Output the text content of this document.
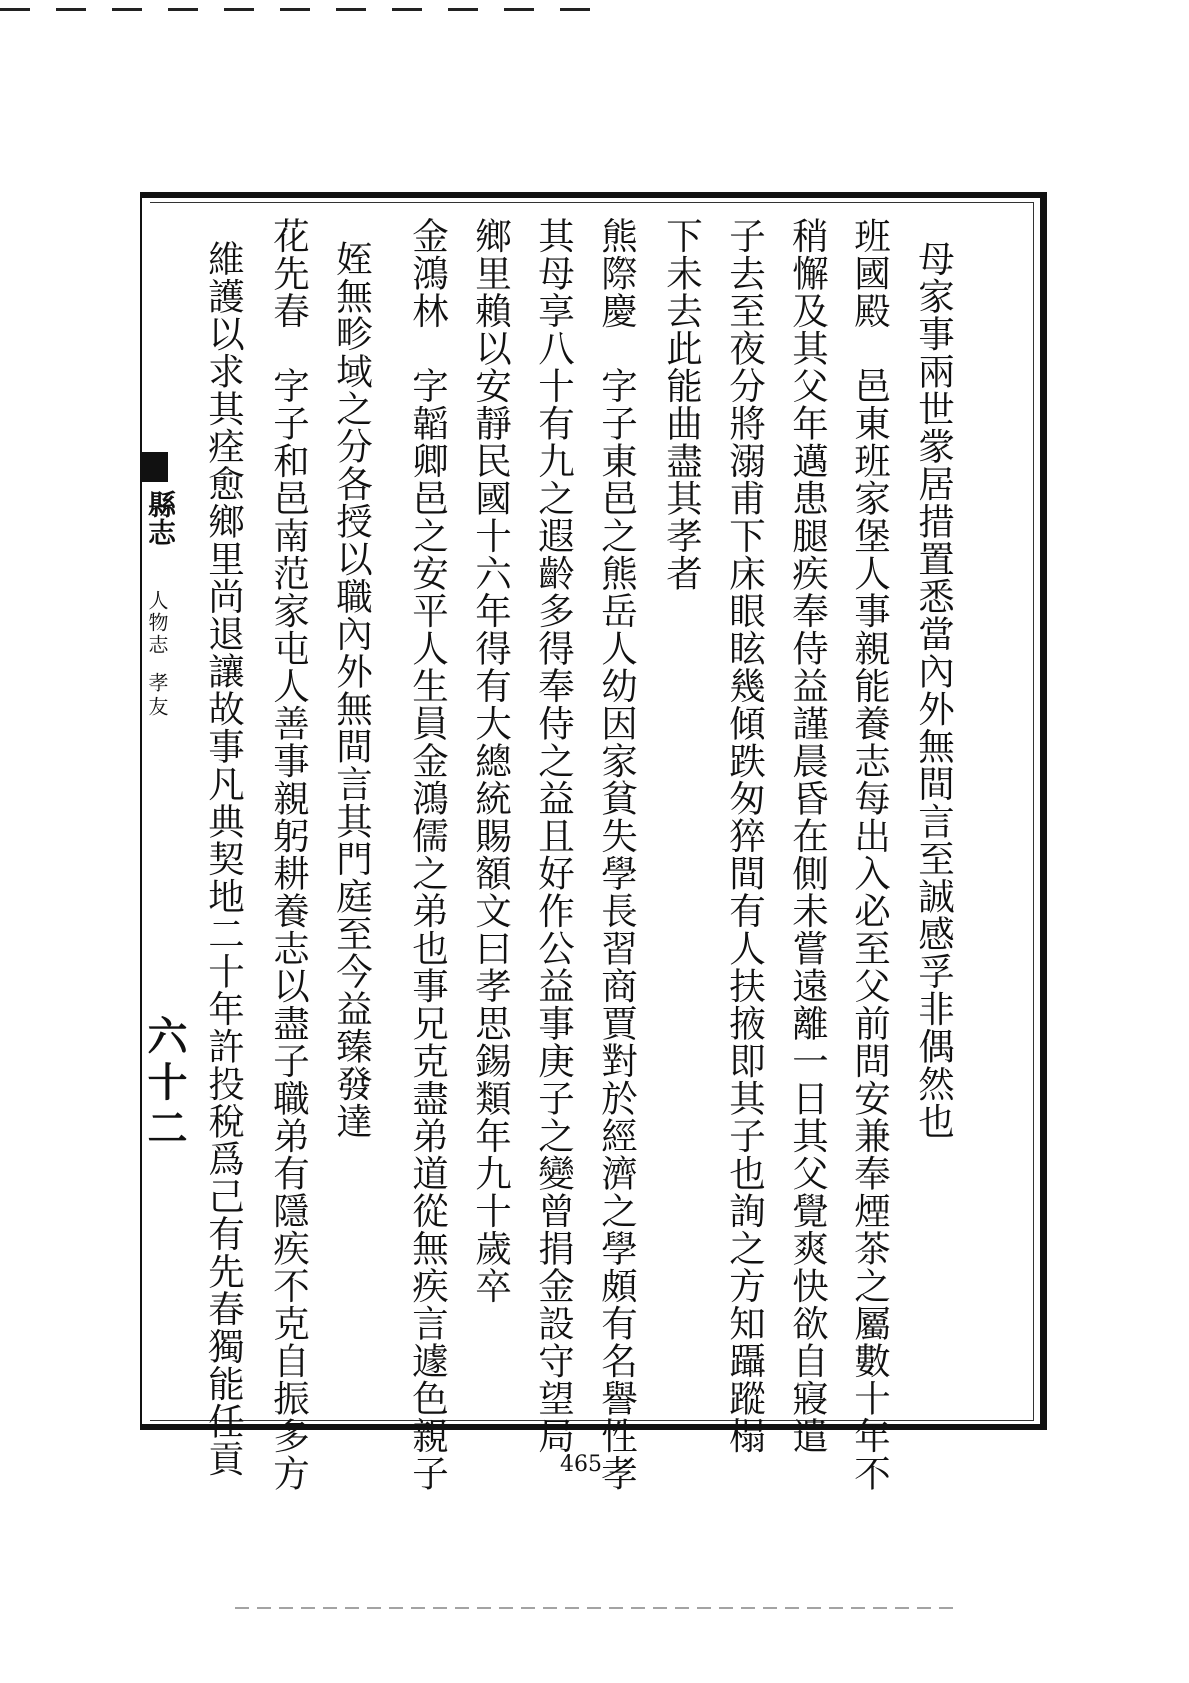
母家事兩世䝉居措置悉當內外無間言至誠感孚非偶然也
班國殿　邑東班家堡人事親能養志每出入必至父前問安兼奉煙茶之屬數十年不
稍懈及其父年邁患腿疾奉侍益謹晨昏在側未嘗遠離一日其父覺爽快欲自寢遣
子去至夜分將溺甫下床眼眩幾傾跌匆猝間有人扶掖即其子也詢之方知躡蹤榻
下未去此能曲盡其孝者
熊際慶　字子東邑之熊岳人幼因家貧失學長習商賈對於經濟之學頗有名譽性孝
其母享八十有九之遐齡多得奉侍之益且好作公益事庚子之變曾捐金設守望局
鄉里賴以安靜民國十六年得有大總統賜額文曰孝思錫類年九十歲卒
金鴻林　字韜卿邑之安平人生員金鴻儒之弟也事兄克盡弟道從無疾言遽色親子
姪無畛域之分各授以職內外無間言其門庭至今益臻發達
花先春　字子和邑南范家屯人善事親躬耕養志以盡子職弟有隱疾不克自振多方
維護以求其痊愈鄉里尚退讓故事凡典契地二十年許投稅爲己有先春獨能任貢
縣志
人物志
孝友
六十二
465
